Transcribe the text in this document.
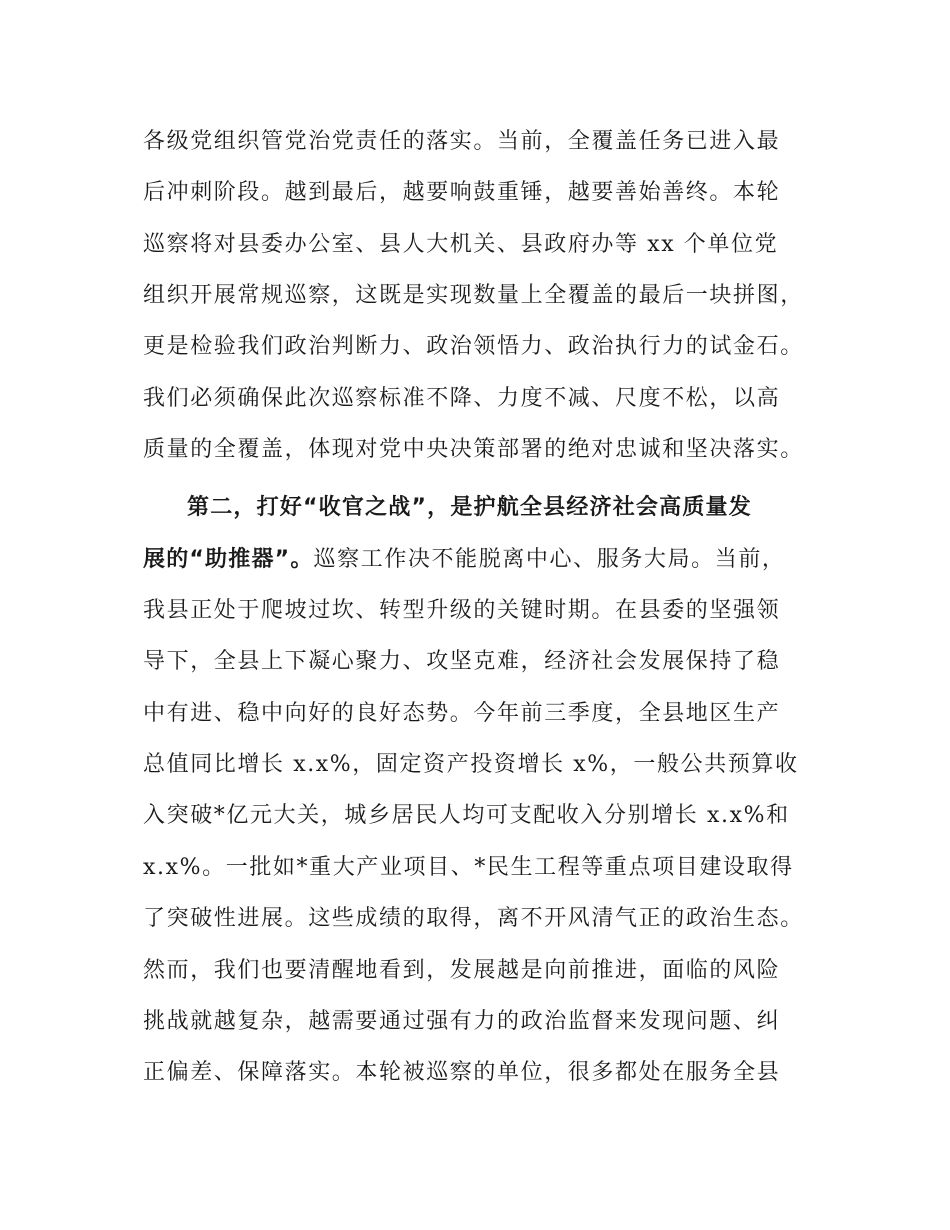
各级党组织管党治党责任的落实。当前，全覆盖任务已进入最
后冲刺阶段。越到最后，越要响鼓重锤，越要善始善终。本轮
巡察将对县委办公室、县人大机关、县政府办等 xx 个单位党
组织开展常规巡察，这既是实现数量上全覆盖的最后一块拼图，
更是检验我们政治判断力、政治领悟力、政治执行力的试金石。
我们必须确保此次巡察标准不降、力度不减、尺度不松，以高
质量的全覆盖，体现对党中央决策部署的绝对忠诚和坚决落实。
第二，打好“收官之战”，是护航全县经济社会高质量发
展的“助推器”。巡察工作决不能脱离中心、服务大局。当前，
我县正处于爬坡过坎、转型升级的关键时期。在县委的坚强领
导下，全县上下凝心聚力、攻坚克难，经济社会发展保持了稳
中有进、稳中向好的良好态势。今年前三季度，全县地区生产
总值同比增长 x.x%，固定资产投资增长 x%，一般公共预算收
入突破*亿元大关，城乡居民人均可支配收入分别增长 x.x%和
x.x%。一批如*重大产业项目、*民生工程等重点项目建设取得
了突破性进展。这些成绩的取得，离不开风清气正的政治生态。
然而，我们也要清醒地看到，发展越是向前推进，面临的风险
挑战就越复杂，越需要通过强有力的政治监督来发现问题、纠
正偏差、保障落实。本轮被巡察的单位，很多都处在服务全县
